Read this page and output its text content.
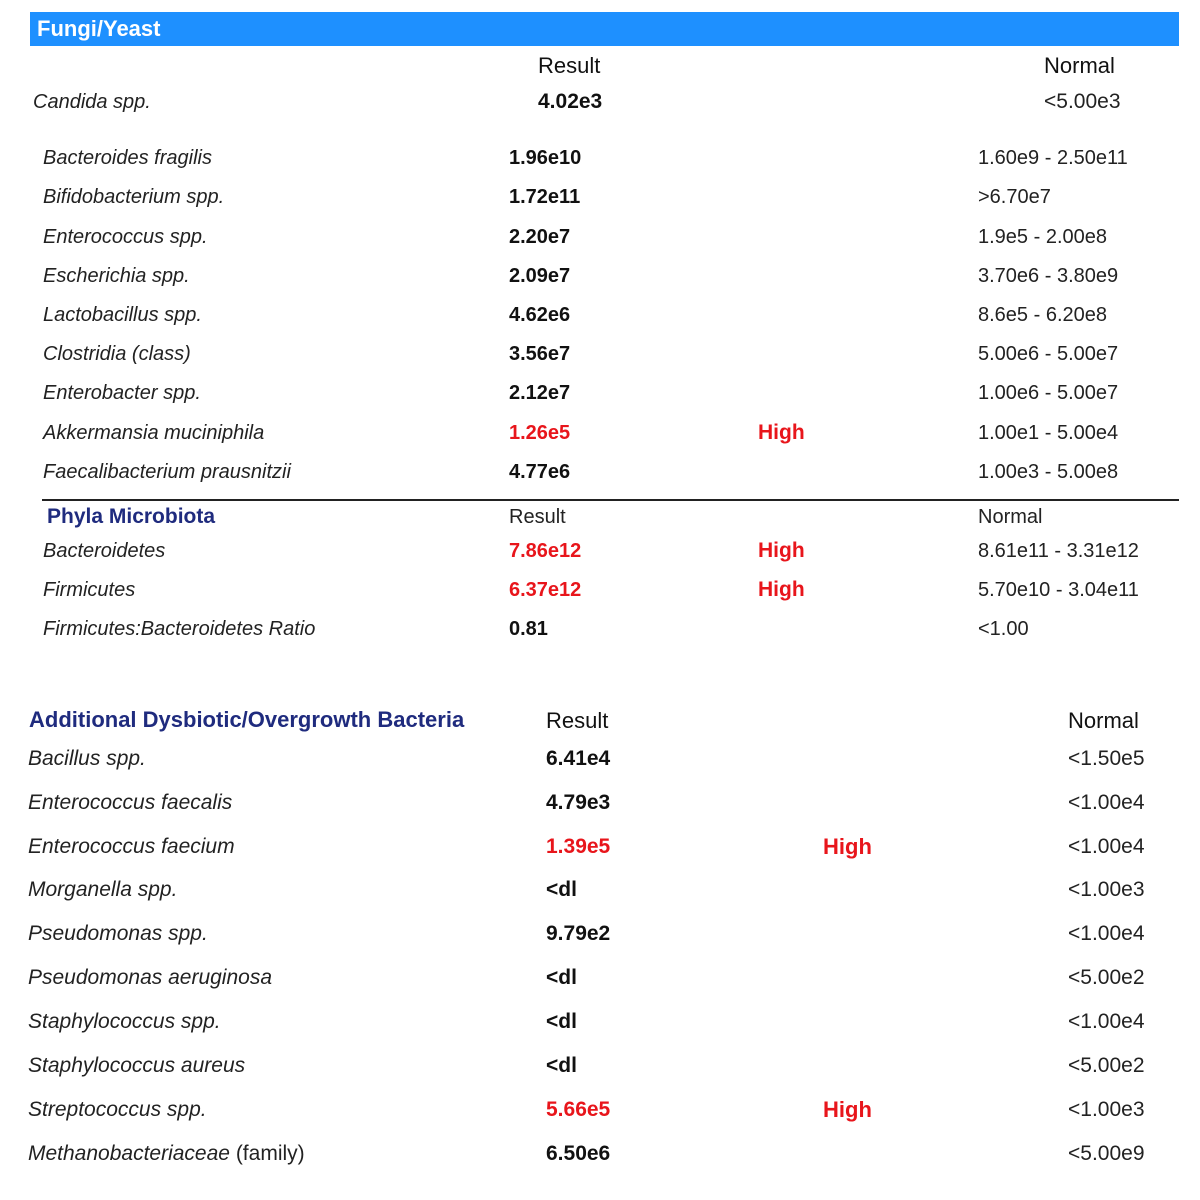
Fungi/Yeast
Result	Normal
Candida spp.	4.02e3	<5.00e3
Bacteroides fragilis	1.96e10	1.60e9 - 2.50e11
Bifidobacterium spp.	1.72e11	>6.70e7
Enterococcus spp.	2.20e7	1.9e5 - 2.00e8
Escherichia spp.	2.09e7	3.70e6 - 3.80e9
Lactobacillus spp.	4.62e6	8.6e5 - 6.20e8
Clostridia (class)	3.56e7	5.00e6 - 5.00e7
Enterobacter spp.	2.12e7	1.00e6 - 5.00e7
Akkermansia muciniphila	1.26e5	High	1.00e1 - 5.00e4
Faecalibacterium prausnitzii	4.77e6	1.00e3 - 5.00e8
Phyla Microbiota	Result	Normal
Bacteroidetes	7.86e12	High	8.61e11 - 3.31e12
Firmicutes	6.37e12	High	5.70e10 - 3.04e11
Firmicutes:Bacteroidetes Ratio	0.81	<1.00
Additional Dysbiotic/Overgrowth Bacteria	Result	Normal
Bacillus spp.	6.41e4	<1.50e5
Enterococcus faecalis	4.79e3	<1.00e4
Enterococcus faecium	1.39e5	High	<1.00e4
Morganella spp.	<dl	<1.00e3
Pseudomonas spp.	9.79e2	<1.00e4
Pseudomonas aeruginosa	<dl	<5.00e2
Staphylococcus spp.	<dl	<1.00e4
Staphylococcus aureus	<dl	<5.00e2
Streptococcus spp.	5.66e5	High	<1.00e3
Methanobacteriaceae (family)	6.50e6	<5.00e9
